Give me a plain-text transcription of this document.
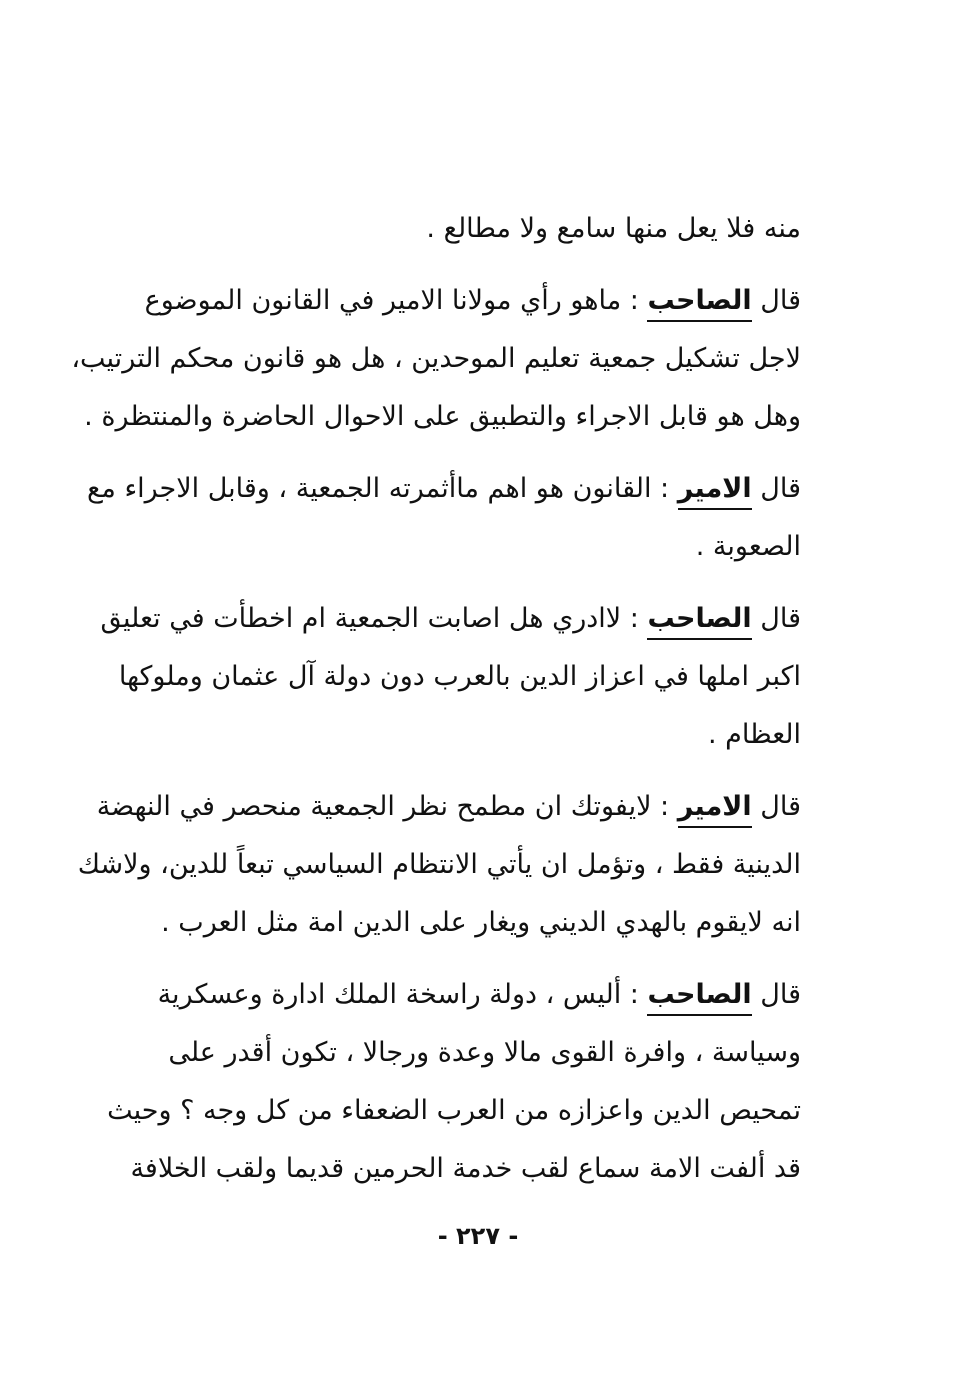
منه فلا يعل منها سامع ولا مطالع .
قال الصاحب : ماهو رأي مولانا الامير في القانون الموضوع
لاجل تشكيل جمعية تعليم الموحدين ، هل هو قانون محكم الترتيب،
وهل هو قابل الاجراء والتطبيق على الاحوال الحاضرة والمنتظرة .
قال الامير : القانون هو اهم ماأثمرته الجمعية ، وقابل الاجراء مع
الصعوبة .
قال الصاحب : لاادري هل اصابت الجمعية ام اخطأت في تعليق
اكبر املها في اعزاز الدين بالعرب دون دولة آل عثمان وملوكها
العظام .
قال الامير : لايفوتك ان مطمح نظر الجمعية منحصر في النهضة
الدينية فقط ، وتؤمل ان يأتي الانتظام السياسي تبعاً للدين، ولاشك
انه لايقوم بالهدي الديني ويغار على الدين امة مثل العرب .
قال الصاحب : أليس ، دولة راسخة الملك ادارة وعسكرية
وسياسة ، وافرة القوى مالا وعدة ورجالا ، تكون أقدر على
تمحيص الدين واعزازه من العرب الضعفاء من كل وجه ؟ وحيث
قد ألفت الامة سماع لقب خدمة الحرمين قديما ولقب الخلافة
- ٢٢٧ -
